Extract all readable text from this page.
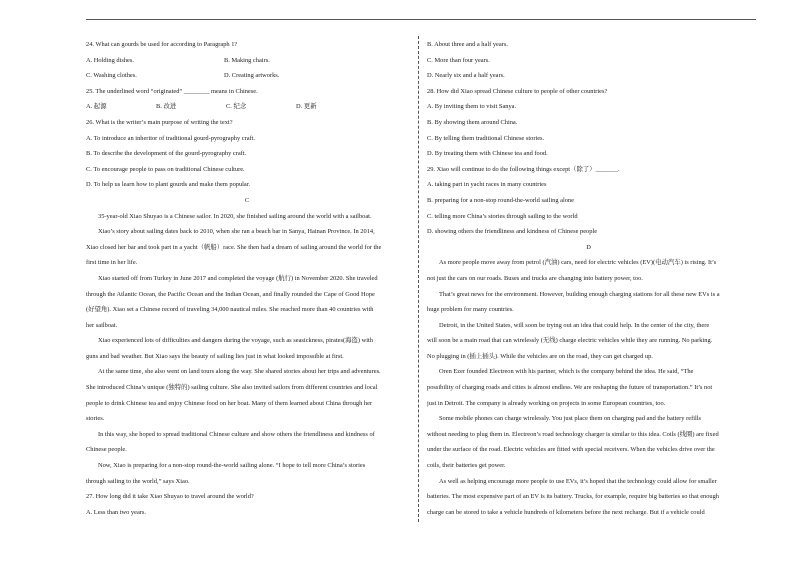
24. What can gourds be used for according to Paragraph 1?
A. Holding dishes.	B. Making chairs.
C. Washing clothes.	D. Creating artworks.
25. The underlined word “originated” ________ means in Chinese.
A. 起源	B. 改进	C. 纪念	D. 更新
26. What is the writer’s main purpose of writing the text?
A. To introduce an inheritor of traditional gourd-pyrography craft.
B. To describe the development of the gourd-pyrography craft.
C. To encourage people to pass on traditional Chinese culture.
D. To help us learn how to plant gourds and make them popular.
C
35-year-old Xiao Shuyao is a Chinese sailor. In 2020, she finished sailing around the world with a sailboat.
Xiao’s story about sailing dates back to 2010, when she ran a beach bar in Sanya, Hainan Province. In 2014,
Xiao closed her bar and took part in a yacht（帆船）race. She then had a dream of sailing around the world for the
first time in her life.
Xiao started off from Turkey in June 2017 and completed the voyage (航行) in November 2020. She traveled
through the Atlantic Ocean, the Pacific Ocean and the Indian Ocean, and finally rounded the Cape of Good Hope
(好望角). Xiao set a Chinese record of traveling 34,000 nautical miles. She reached more than 40 countries with
her sailboat.
Xiao experienced lots of difficulties and dangers during the voyage, such as seasickness, pirates(海盗) with
guns and bad weather. But Xiao says the beauty of sailing lies just in what looked impossible at first.
At the same time, she also went on land tours along the way. She shared stories about her trips and adventures.
She introduced China’s unique (独特的) sailing culture. She also invited sailors from different countries and local
people to drink Chinese tea and enjoy Chinese food on her boat. Many of them learned about China through her
stories.
In this way, she hoped to spread traditional Chinese culture and show others the friendliness and kindness of
Chinese people.
Now, Xiao is preparing for a non-stop round-the-world sailing alone. “I hope to tell more China’s stories
through sailing to the world,” says Xiao.
27. How long did it take Xiao Shuyao to travel around the world?
A. Less than two years.
B. About three and a half years.
C. More than four years.
D. Nearly six and a half years.
28. How did Xiao spread Chinese culture to people of other countries?
A. By inviting them to visit Sanya.
B. By showing them around China.
C. By telling them traditional Chinese stories.
D. By treating them with Chinese tea and food.
29. Xiao will continue to do the following things except（除了）_______.
A. taking part in yacht races in many countries
B. preparing for a non-stop round-the-world sailing alone
C. telling more China’s stories through sailing to the world
D. showing others the friendliness and kindness of Chinese people
D
As more people move away from petrol (汽油) cars, need for electric vehicles (EV)(电动汽车) is rising. It’s
not just the cars on our roads. Buses and trucks are changing into battery power, too.
That’s great news for the environment. However, building enough charging stations for all these new EVs is a
huge problem for many countries.
Detroit, in the United States, will soon be trying out an idea that could help. In the center of the city, there
will soon be a main road that can wirelessly (无线) charge electric vehicles while they are running. No parking.
No plugging in (插上插头). While the vehicles are on the road, they can get charged up.
Oren Ezer founded Electreon with his partner, which is the company behind the idea. He said, “The
possibility of charging roads and cities is almost endless. We are reshaping the future of transportation.” It’s not
just in Detroit. The company is already working on projects in some European countries, too.
Some mobile phones can charge wirelessly. You just place them on charging pad and the battery refills
without needing to plug them in. Electreon’s road technology charger is similar to this idea. Coils (线圈) are fixed
under the surface of the road. Electric vehicles are fitted with special receivers. When the vehicles drive over the
coils, their batteries get power.
As well as helping encourage more people to use EVs, it’s hoped that the technology could allow for smaller
batteries. The most expensive part of an EV is its battery. Trucks, for example, require big batteries so that enough
charge can be stored to take a vehicle hundreds of kilometers before the next recharge. But if a vehicle could
